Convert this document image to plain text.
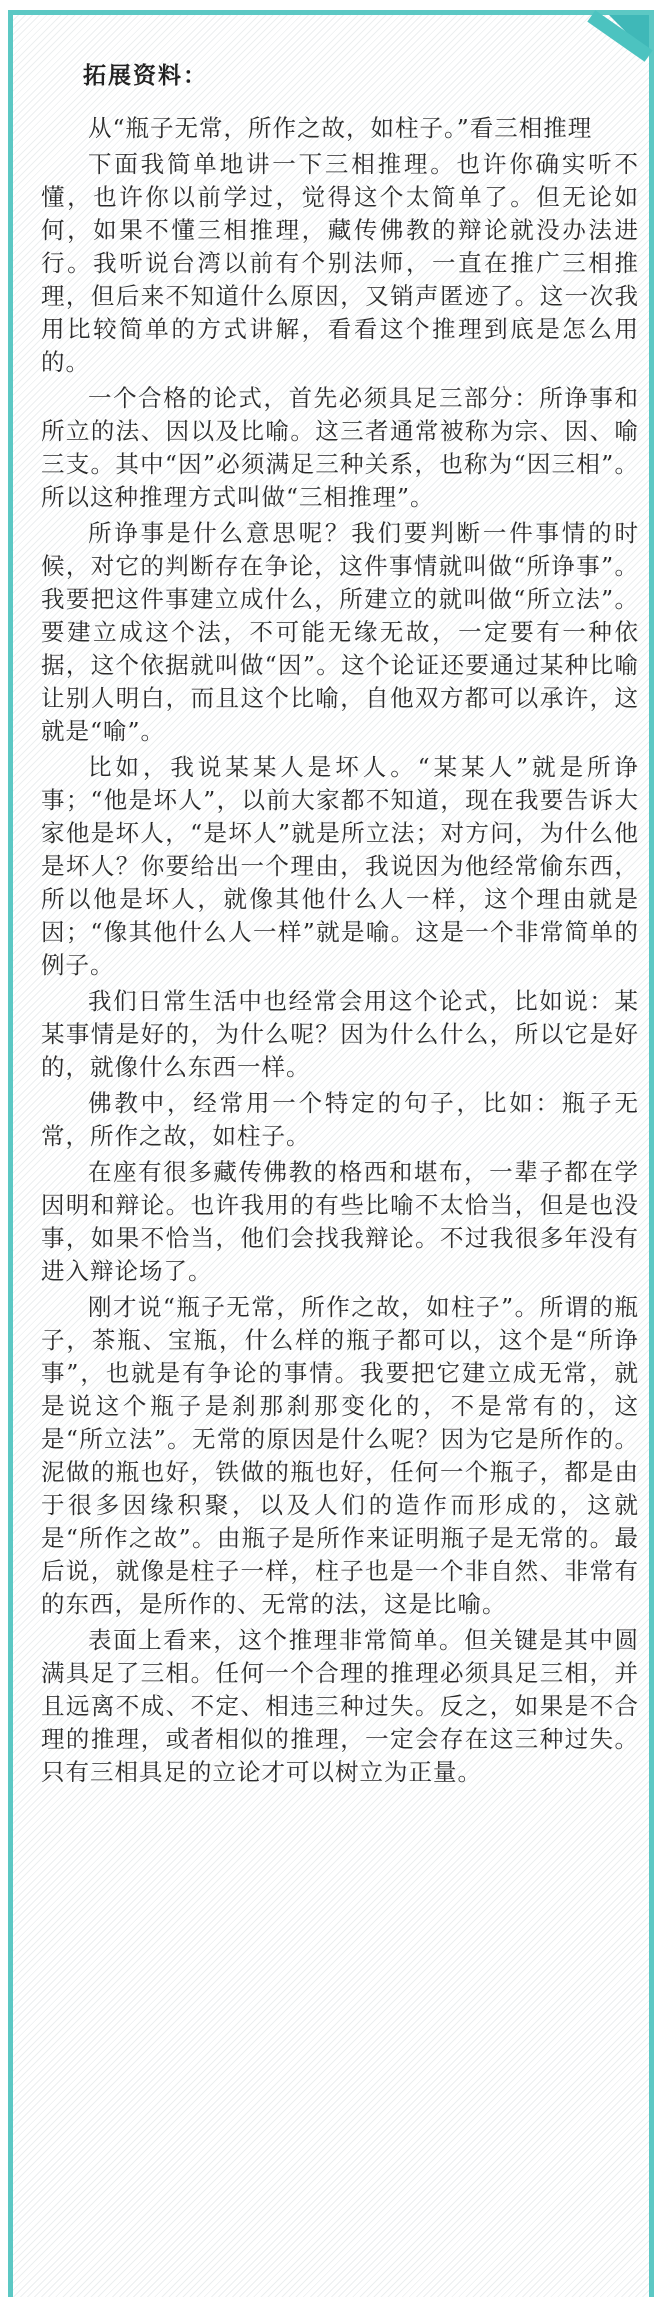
拓展资料：

从“瓶子无常，所作之故，如柱子。”看三相推理

下面我简单地讲一下三相推理。也许你确实听不懂，也许你以前学过，觉得这个太简单了。但无论如何，如果不懂三相推理，藏传佛教的辩论就没办法进行。我听说台湾以前有个别法师，一直在推广三相推理，但后来不知道什么原因，又销声匿迹了。这一次我用比较简单的方式讲解，看看这个推理到底是怎么用的。

一个合格的论式，首先必须具足三部分：所诤事和所立的法、因以及比喻。这三者通常被称为宗、因、喻三支。其中“因”必须满足三种关系，也称为“因三相”。所以这种推理方式叫做“三相推理”。

所诤事是什么意思呢？我们要判断一件事情的时候，对它的判断存在争论，这件事情就叫做“所诤事”。我要把这件事建立成什么，所建立的就叫做“所立法”。要建立成这个法，不可能无缘无故，一定要有一种依据，这个依据就叫做“因”。这个论证还要通过某种比喻让别人明白，而且这个比喻，自他双方都可以承许，这就是“喻”。

比如，我说某某人是坏人。“某某人”就是所诤事；“他是坏人”，以前大家都不知道，现在我要告诉大家他是坏人，“是坏人”就是所立法；对方问，为什么他是坏人？你要给出一个理由，我说因为他经常偷东西，所以他是坏人，就像其他什么人一样，这个理由就是因；“像其他什么人一样”就是喻。这是一个非常简单的例子。

我们日常生活中也经常会用这个论式，比如说：某某事情是好的，为什么呢？因为什么什么，所以它是好的，就像什么东西一样。

佛教中，经常用一个特定的句子，比如：瓶子无常，所作之故，如柱子。

在座有很多藏传佛教的格西和堪布，一辈子都在学因明和辩论。也许我用的有些比喻不太恰当，但是也没事，如果不恰当，他们会找我辩论。不过我很多年没有进入辩论场了。

刚才说“瓶子无常，所作之故，如柱子”。所谓的瓶子，茶瓶、宝瓶，什么样的瓶子都可以，这个是“所诤事”，也就是有争论的事情。我要把它建立成无常，就是说这个瓶子是刹那刹那变化的，不是常有的，这是“所立法”。无常的原因是什么呢？因为它是所作的。泥做的瓶也好，铁做的瓶也好，任何一个瓶子，都是由于很多因缘积聚，以及人们的造作而形成的，这就是“所作之故”。由瓶子是所作来证明瓶子是无常的。最后说，就像是柱子一样，柱子也是一个非自然、非常有的东西，是所作的、无常的法，这是比喻。

表面上看来，这个推理非常简单。但关键是其中圆满具足了三相。任何一个合理的推理必须具足三相，并且远离不成、不定、相违三种过失。反之，如果是不合理的推理，或者相似的推理，一定会存在这三种过失。只有三相具足的立论才可以树立为正量。
